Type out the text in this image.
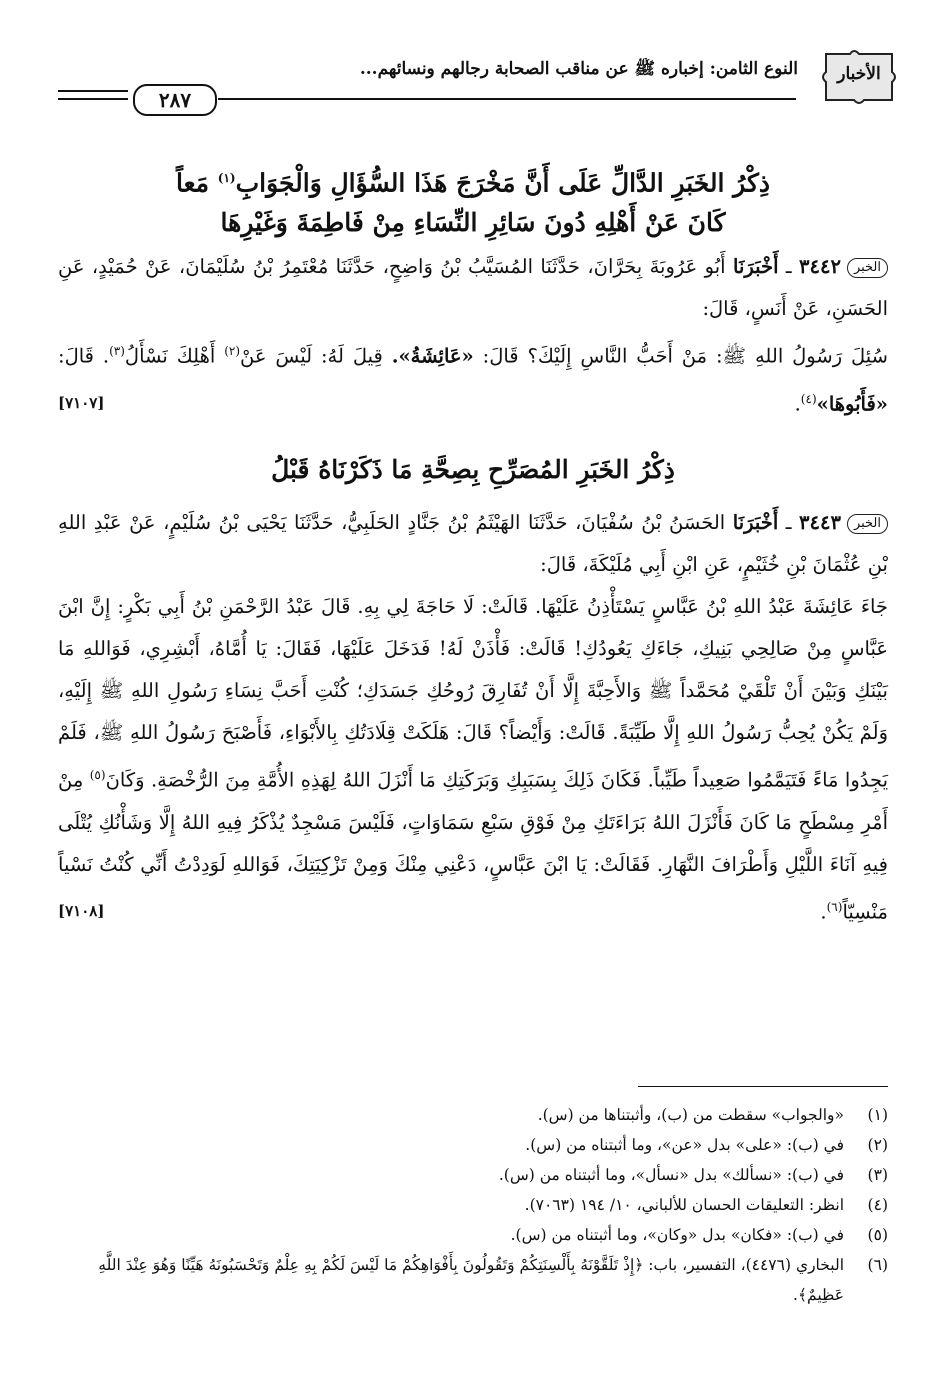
الأخبار
النوع الثامن: إخباره ﷺ عن مناقب الصحابة رجالهم ونسائهم...
٢٨٧
ذِكْرُ الخَبَرِ الدَّالِّ عَلَى أَنَّ مَخْرَجَ هَذَا السُّؤَالِ وَالْجَوَابِ$^{(١)}$ مَعاً
كَانَ عَنْ أَهْلِهِ دُونَ سَائِرِ النِّسَاءِ مِنْ فَاطِمَةَ وَغَيْرِهَا
الخبر٣٤٤٢ ـ أَخْبَرَنَا أَبُو عَرُوبَةَ بِحَرَّانَ، حَدَّثَنَا المُسَيَّبُ بْنُ وَاضِحٍ، حَدَّثَنَا مُعْتَمِرُ بْنُ سُلَيْمَانَ، عَنْ حُمَيْدٍ، عَنِ الحَسَنِ، عَنْ أَنَسٍ، قَالَ:
سُئِلَ رَسُولُ اللهِ ﷺ: مَنْ أَحَبُّ النَّاسِ إِلَيْكَ؟ قَالَ: «عَائِشَةُ». قِيلَ لَهُ: لَيْسَ عَنْ$^{(٢)}$ أَهْلِكَ نَسْأَلُ$^{(٣)}$. قَالَ: «فَأَبُوهَا»$^{(٤)}$.
[٧١٠٧]
ذِكْرُ الخَبَرِ المُصَرِّحِ بِصِحَّةِ مَا ذَكَرْنَاهُ قَبْلُ
الخبر٣٤٤٣ ـ أَخْبَرَنَا الحَسَنُ بْنُ سُفْيَانَ، حَدَّثَنَا الهَيْثَمُ بْنُ جَنَّادٍ الحَلَبِيُّ، حَدَّثَنَا يَحْيَى بْنُ سُلَيْمٍ، عَنْ عَبْدِ اللهِ بْنِ عُثْمَانَ بْنِ خُثَيْمٍ، عَنِ ابْنِ أَبِي مُلَيْكَةَ، قَالَ:
جَاءَ عَائِشَةَ عَبْدُ اللهِ بْنُ عَبَّاسٍ يَسْتَأْذِنُ عَلَيْهَا. قَالَتْ: لَا حَاجَةَ لِي بِهِ. قَالَ عَبْدُ الرَّحْمَنِ بْنُ أَبِي بَكْرٍ: إِنَّ ابْنَ عَبَّاسٍ مِنْ صَالِحِي بَنِيكِ، جَاءَكِ يَعُودُكِ! قَالَتْ: فَأْذَنْ لَهُ! فَدَخَلَ عَلَيْهَا، فَقَالَ: يَا أُمَّاهُ، أَبْشِرِي، فَوَاللهِ مَا بَيْنَكِ وَبَيْنَ أَنْ تَلْقَيْ مُحَمَّداً ﷺ وَالأَحِبَّةَ إِلَّا أَنْ تُفَارِقَ رُوحُكِ جَسَدَكِ؛ كُنْتِ أَحَبَّ نِسَاءِ رَسُولِ اللهِ ﷺ إِلَيْهِ، وَلَمْ يَكُنْ يُحِبُّ رَسُولُ اللهِ إِلَّا طَيِّبَةً. قَالَتْ: وَأَيْضاً؟ قَالَ: هَلَكَتْ قِلَادَتُكِ بِالأَبْوَاءِ، فَأَصْبَحَ رَسُولُ اللهِ ﷺ، فَلَمْ يَجِدُوا مَاءً فَتَيَمَّمُوا صَعِيداً طَيِّباً. فَكَانَ ذَلِكَ بِسَبَبِكِ وَبَرَكَتِكِ مَا أَنْزَلَ اللهُ لِهَذِهِ الأُمَّةِ مِنَ الرُّخْصَةِ. وَكَانَ$^{(٥)}$ مِنْ أَمْرِ مِسْطَحٍ مَا كَانَ فَأَنْزَلَ اللهُ بَرَاءَتَكِ مِنْ فَوْقِ سَبْعِ سَمَاوَاتٍ، فَلَيْسَ مَسْجِدٌ يُذْكَرُ فِيهِ اللهُ إِلَّا وَشَأْنُكِ يُتْلَى فِيهِ آنَاءَ اللَّيْلِ وَأَطْرَافَ النَّهَارِ. فَقَالَتْ: يَا ابْنَ عَبَّاسٍ، دَعْنِي مِنْكَ وَمِنْ تَزْكِيَتِكَ، فَوَاللهِ لَوَدِدْتُ أَنِّي كُنْتُ نَسْياً مَنْسِيّاً$^{(٦)}$.
[٧١٠٨]
(١)
«والجواب» سقطت من (ب)، وأثبتناها من (س).
(٢)
في (ب): «على» بدل «عن»، وما أثبتناه من (س).
(٣)
في (ب): «نسألك» بدل «نسأل»، وما أثبتناه من (س).
(٤)
انظر: التعليقات الحسان للألباني، ١٠/ ١٩٤ (٧٠٦٣).
(٥)
في (ب): «فكان» بدل «وكان»، وما أثبتناه من (س).
(٦)
البخاري (٤٤٧٦)، التفسير، باب: ﴿إِذْ تَلَقَّوْنَهُ بِأَلْسِنَتِكُمْ وَتَقُولُونَ بِأَفْوَاهِكُمْ مَا لَيْسَ لَكُمْ بِهِ عِلْمٌ وَتَحْسَبُونَهُ هَيِّنًا وَهُوَ عِنْدَ اللَّهِ عَظِيمٌ﴾.
